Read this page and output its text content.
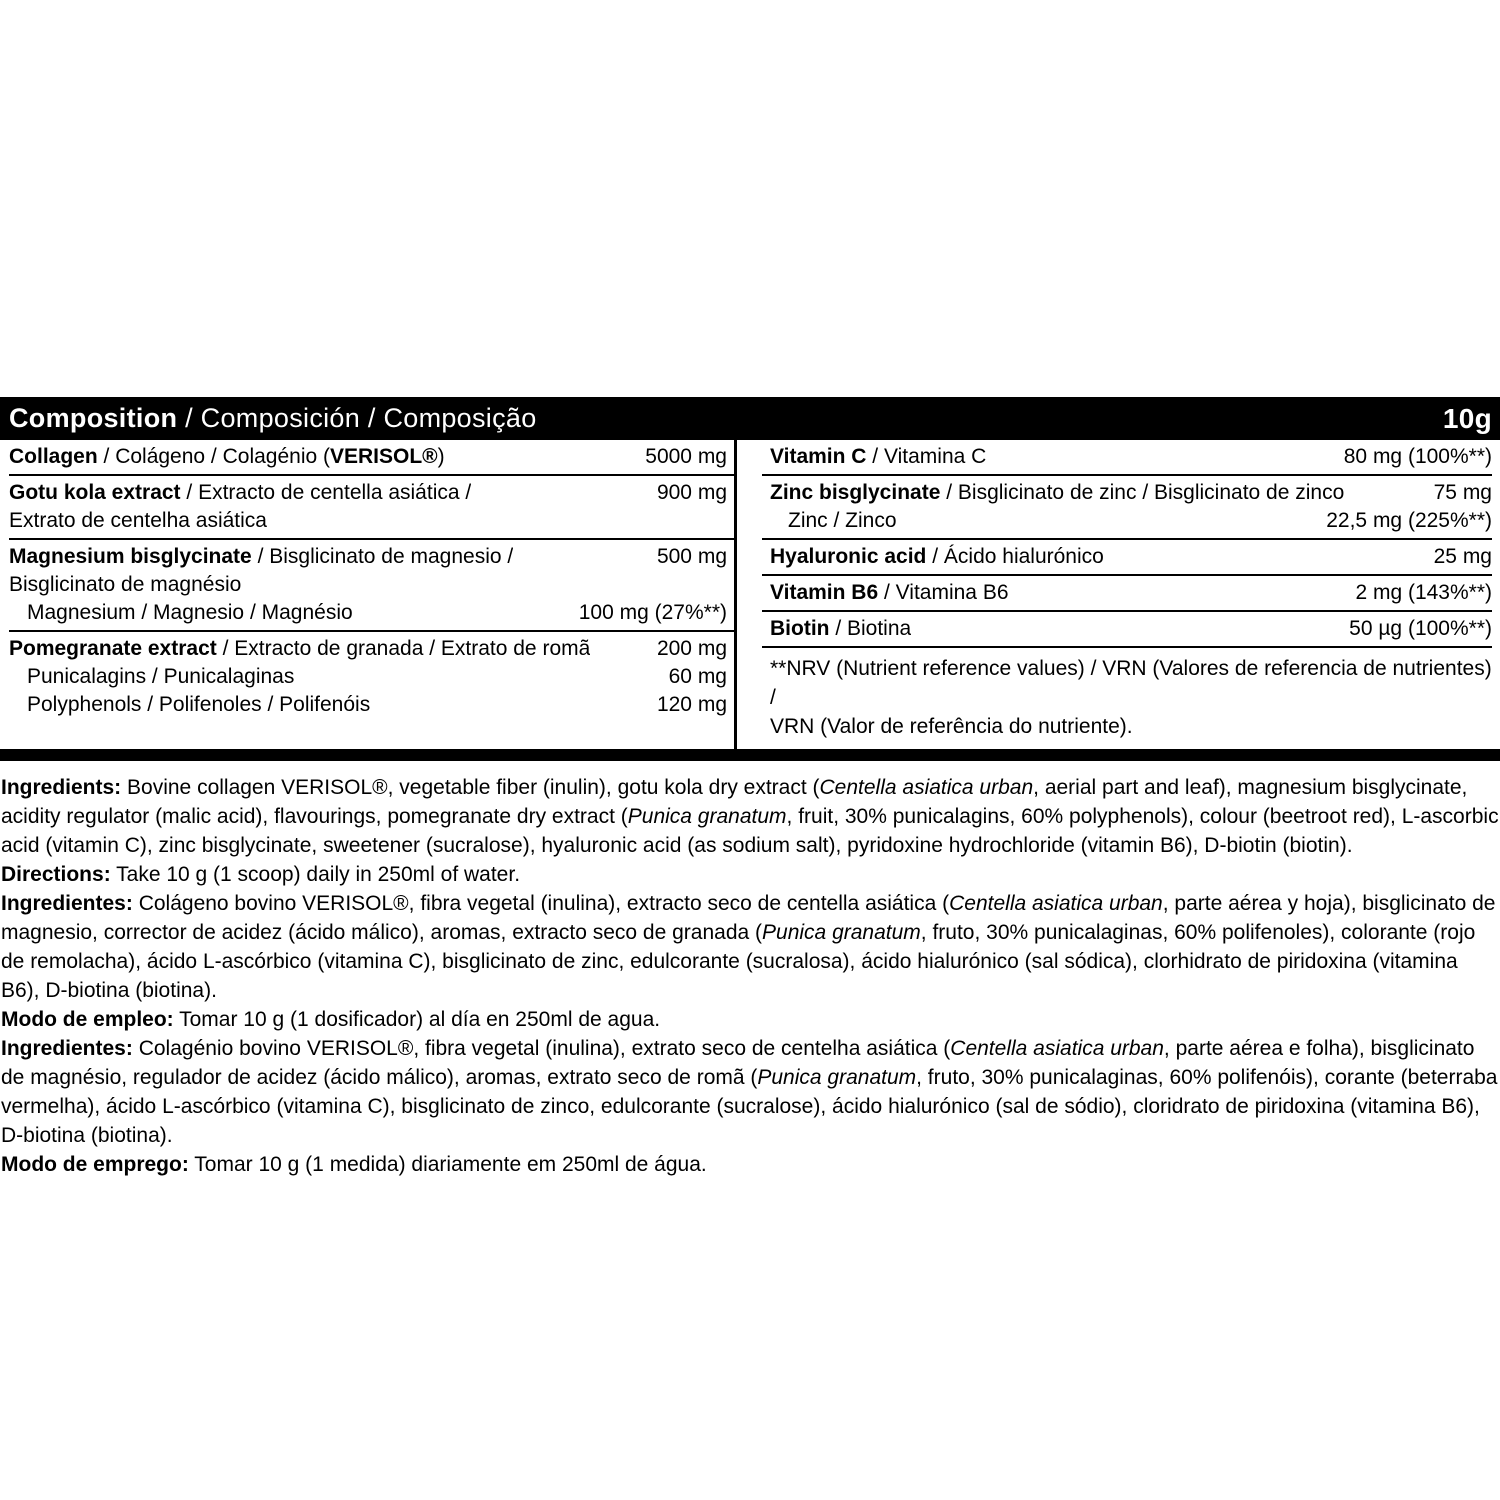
Composition / Composición / Composição	10g
Collagen / Colágeno / Colagénio (VERISOL®)	5000 mg
Gotu kola extract / Extracto de centella asiática /	900 mg
Extrato de centelha asiática
Magnesium bisglycinate / Bisglicinato de magnesio /	500 mg
Bisglicinato de magnésio
Magnesium / Magnesio / Magnésio	100 mg (27%**)
Pomegranate extract / Extracto de granada / Extrato de romã	200 mg
Punicalagins / Punicalaginas	60 mg
Polyphenols / Polifenoles / Polifenóis	120 mg
Vitamin C / Vitamina C	80 mg (100%**)
Zinc bisglycinate / Bisglicinato de zinc / Bisglicinato de zinco	75 mg
Zinc / Zinco	22,5 mg (225%**)
Hyaluronic acid / Ácido hialurónico	25 mg
Vitamin B6 / Vitamina B6	2 mg (143%**)
Biotin / Biotina	50 µg (100%**)
**NRV (Nutrient reference values) / VRN (Valores de referencia de nutrientes) /
VRN (Valor de referência do nutriente).

Ingredients: Bovine collagen VERISOL®, vegetable fiber (inulin), gotu kola dry extract (Centella asiatica urban, aerial part and leaf), magnesium bisglycinate, acidity regulator (malic acid), flavourings, pomegranate dry extract (Punica granatum, fruit, 30% punicalagins, 60% polyphenols), colour (beetroot red), L-ascorbic acid (vitamin C), zinc bisglycinate, sweetener (sucralose), hyaluronic acid (as sodium salt), pyridoxine hydrochloride (vitamin B6), D-biotin (biotin).

Directions: Take 10 g (1 scoop) daily in 250ml of water.

Ingredientes: Colágeno bovino VERISOL®, fibra vegetal (inulina), extracto seco de centella asiática (Centella asiatica urban, parte aérea y hoja), bisglicinato de magnesio, corrector de acidez (ácido málico), aromas, extracto seco de granada (Punica granatum, fruto, 30% punicalaginas, 60% polifenoles), colorante (rojo de remolacha), ácido L-ascórbico (vitamina C), bisglicinato de zinc, edulcorante (sucralosa), ácido hialurónico (sal sódica), clorhidrato de piridoxina (vitamina B6), D-biotina (biotina).

Modo de empleo: Tomar 10 g (1 dosificador) al día en 250ml de agua.

Ingredientes: Colagénio bovino VERISOL®, fibra vegetal (inulina), extrato seco de centelha asiática (Centella asiatica urban, parte aérea e folha), bisglicinato de magnésio, regulador de acidez (ácido málico), aromas, extrato seco de romã (Punica granatum, fruto, 30% punicalaginas, 60% polifenóis), corante (beterraba vermelha), ácido L-ascórbico (vitamina C), bisglicinato de zinco, edulcorante (sucralose), ácido hialurónico (sal de sódio), cloridrato de piridoxina (vitamina B6), D-biotina (biotina).

Modo de emprego: Tomar 10 g (1 medida) diariamente em 250ml de água.
